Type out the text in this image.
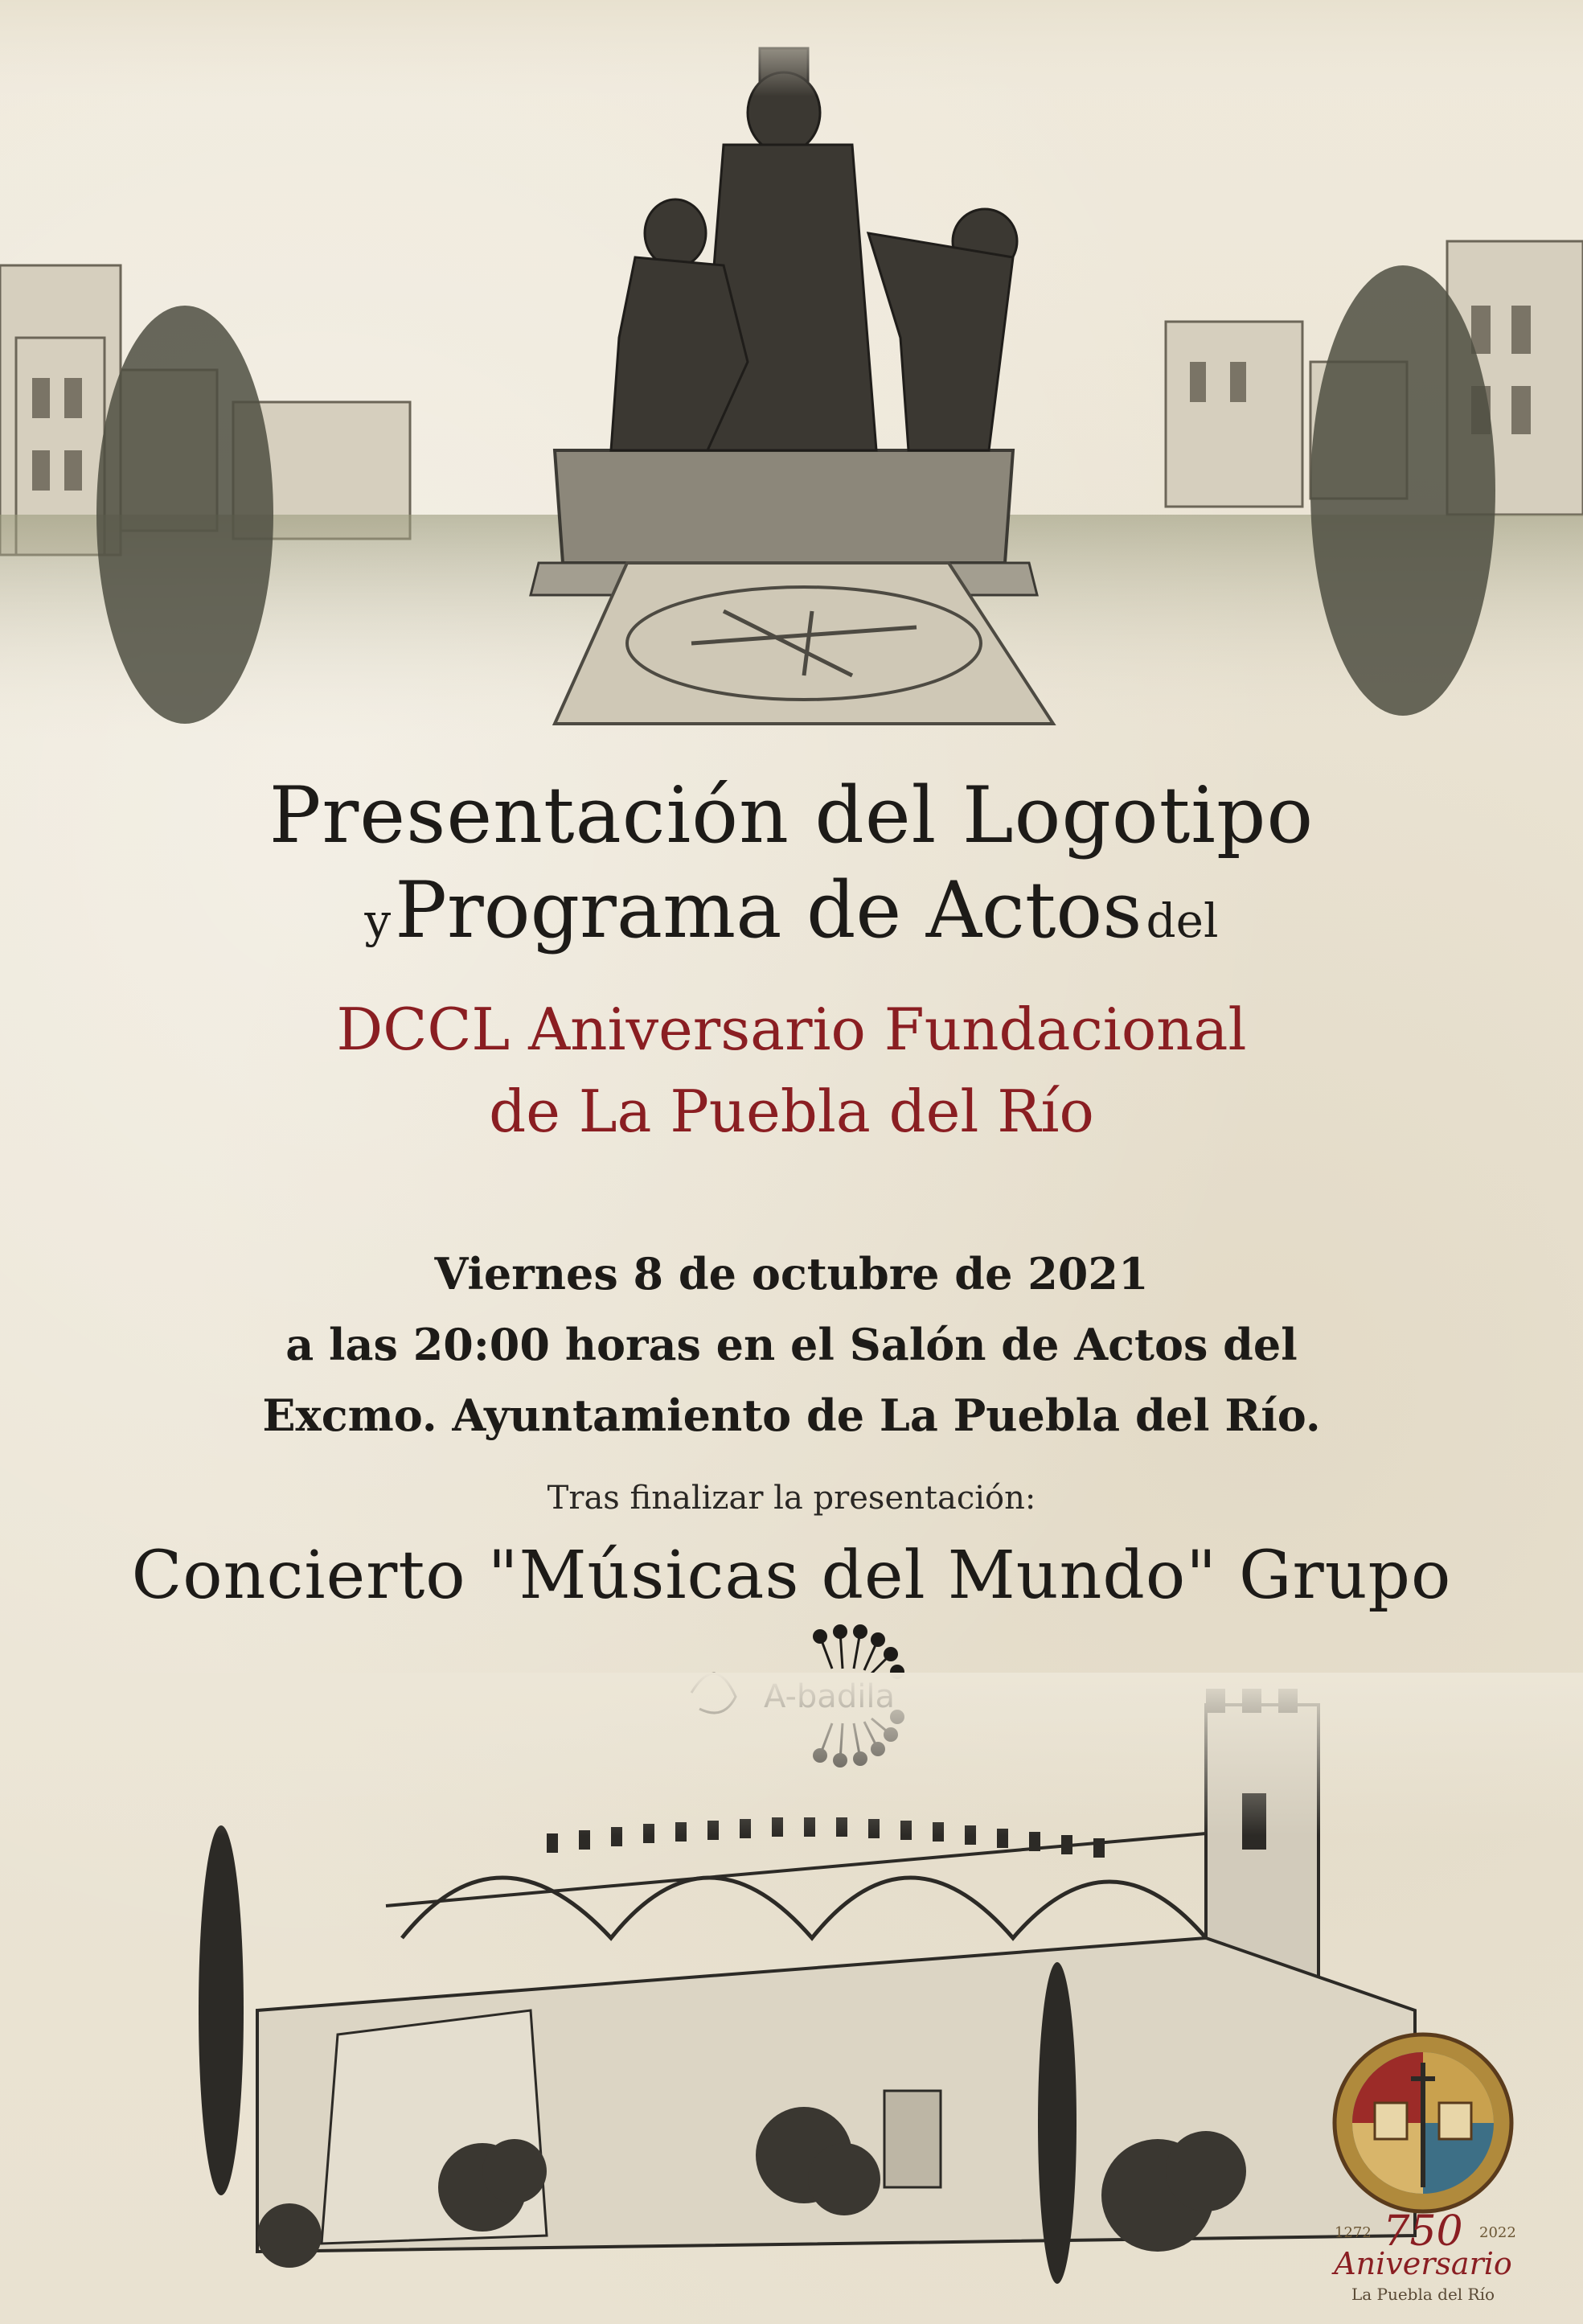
Presentación del Logotipo
y Programa de Actos del
DCCL Aniversario Fundacional
de La Puebla del Río
Viernes 8 de octubre de 2021
a las 20:00 horas en el Salón de Actos del
Excmo. Ayuntamiento de La Puebla del Río.
Tras finalizar la presentación:
Concierto "Músicas del Mundo" Grupo
1272 750 2022
Aniversario
La Puebla del Río
